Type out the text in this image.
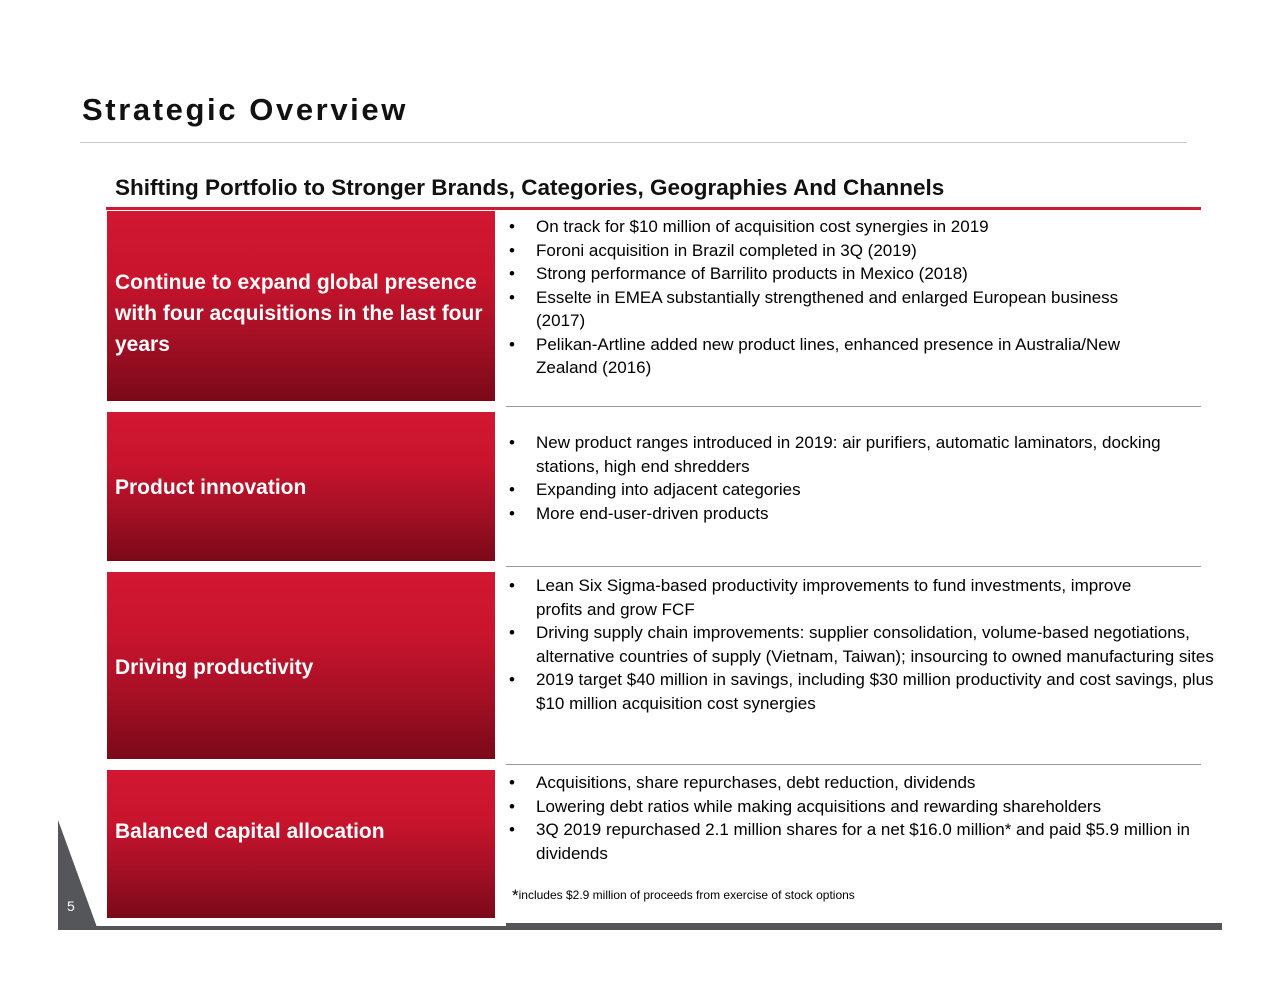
Strategic Overview
Shifting Portfolio to Stronger Brands, Categories, Geographies And Channels
Continue to expand global presence with four acquisitions in the last four years
• On track for $10 million of acquisition cost synergies in 2019
• Foroni acquisition in Brazil completed in 3Q (2019)
• Strong performance of Barrilito products in Mexico (2018)
• Esselte in EMEA substantially strengthened and enlarged European business (2017)
• Pelikan-Artline added new product lines, enhanced presence in Australia/New Zealand (2016)
Product innovation
• New product ranges introduced in 2019: air purifiers, automatic laminators, docking stations, high end shredders
• Expanding into adjacent categories
• More end-user-driven products
Driving productivity
• Lean Six Sigma-based productivity improvements to fund investments, improve profits and grow FCF
• Driving supply chain improvements: supplier consolidation, volume-based negotiations, alternative countries of supply (Vietnam, Taiwan); insourcing to owned manufacturing sites
• 2019 target $40 million in savings, including $30 million productivity and cost savings, plus $10 million acquisition cost synergies
Balanced capital allocation
• Acquisitions, share repurchases, debt reduction, dividends
• Lowering debt ratios while making acquisitions and rewarding shareholders
• 3Q 2019 repurchased 2.1 million shares for a net $16.0 million* and paid $5.9 million in dividends
*includes $2.9 million of proceeds from exercise of stock options
5
